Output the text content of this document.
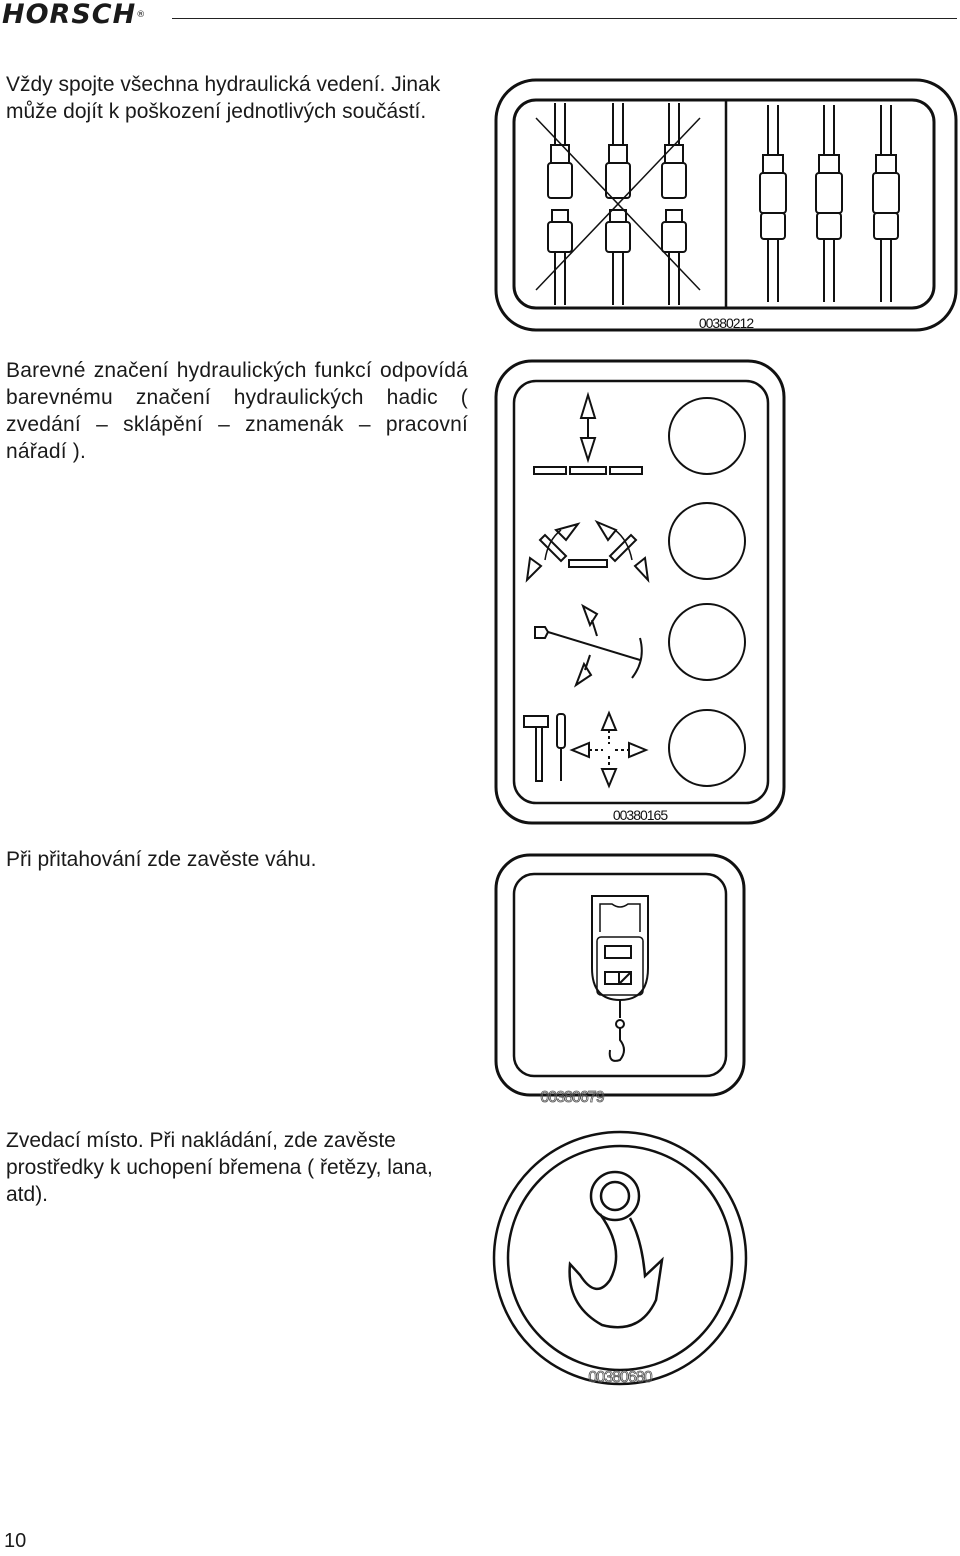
HORSCH®
Vždy spojte všechna hydraulická vedení. Jinak může dojít k poškození jednotlivých součástí.
Barevné značení hydraulických funkcí odpovídá barevnému značení hydraulických hadic ( zvedání – sklápění – znamenák – pracovní nářadí ).
Při přitahování zde zavěste váhu.
Zvedací místo. Při nakládání, zde zavěste prostředky k uchopení břemena ( řetězy, lana, atd).
00380212
00380165
00380679
00380680
10
